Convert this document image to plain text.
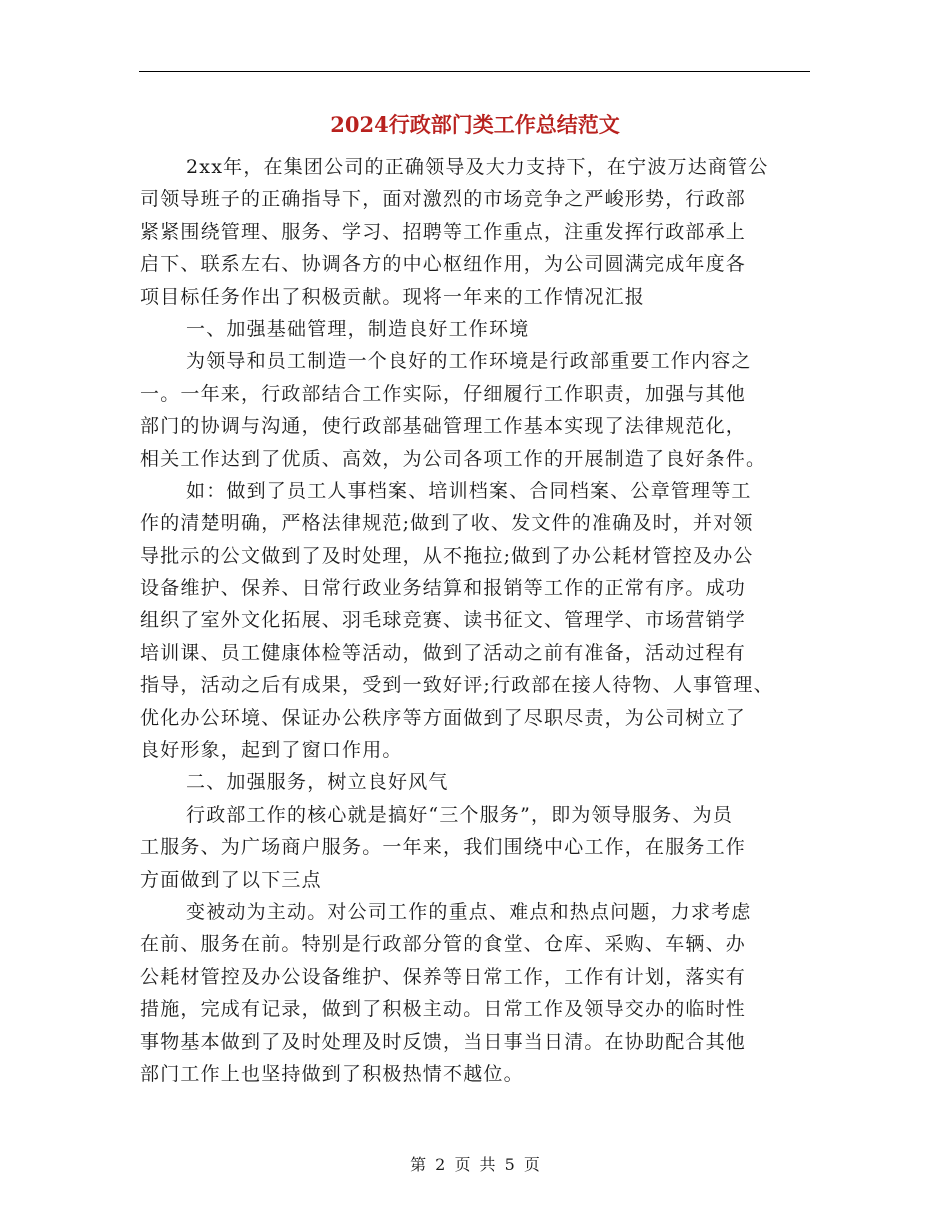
2024行政部门类工作总结范文
2xx年，在集团公司的正确领导及大力支持下，在宁波万达商管公
司领导班子的正确指导下，面对激烈的市场竞争之严峻形势，行政部
紧紧围绕管理、服务、学习、招聘等工作重点，注重发挥行政部承上
启下、联系左右、协调各方的中心枢纽作用，为公司圆满完成年度各
项目标任务作出了积极贡献。现将一年来的工作情况汇报
一、加强基础管理，制造良好工作环境
为领导和员工制造一个良好的工作环境是行政部重要工作内容之
一。一年来，行政部结合工作实际，仔细履行工作职责，加强与其他
部门的协调与沟通，使行政部基础管理工作基本实现了法律规范化，
相关工作达到了优质、高效，为公司各项工作的开展制造了良好条件。
如：做到了员工人事档案、培训档案、合同档案、公章管理等工
作的清楚明确，严格法律规范;做到了收、发文件的准确及时，并对领
导批示的公文做到了及时处理，从不拖拉;做到了办公耗材管控及办公
设备维护、保养、日常行政业务结算和报销等工作的正常有序。成功
组织了室外文化拓展、羽毛球竞赛、读书征文、管理学、市场营销学
培训课、员工健康体检等活动，做到了活动之前有准备，活动过程有
指导，活动之后有成果，受到一致好评;行政部在接人待物、人事管理、
优化办公环境、保证办公秩序等方面做到了尽职尽责，为公司树立了
良好形象，起到了窗口作用。
二、加强服务，树立良好风气
行政部工作的核心就是搞好“三个服务”，即为领导服务、为员
工服务、为广场商户服务。一年来，我们围绕中心工作，在服务工作
方面做到了以下三点
变被动为主动。对公司工作的重点、难点和热点问题，力求考虑
在前、服务在前。特别是行政部分管的食堂、仓库、采购、车辆、办
公耗材管控及办公设备维护、保养等日常工作，工作有计划，落实有
措施，完成有记录，做到了积极主动。日常工作及领导交办的临时性
事物基本做到了及时处理及时反馈，当日事当日清。在协助配合其他
部门工作上也坚持做到了积极热情不越位。
第 2 页 共 5 页
